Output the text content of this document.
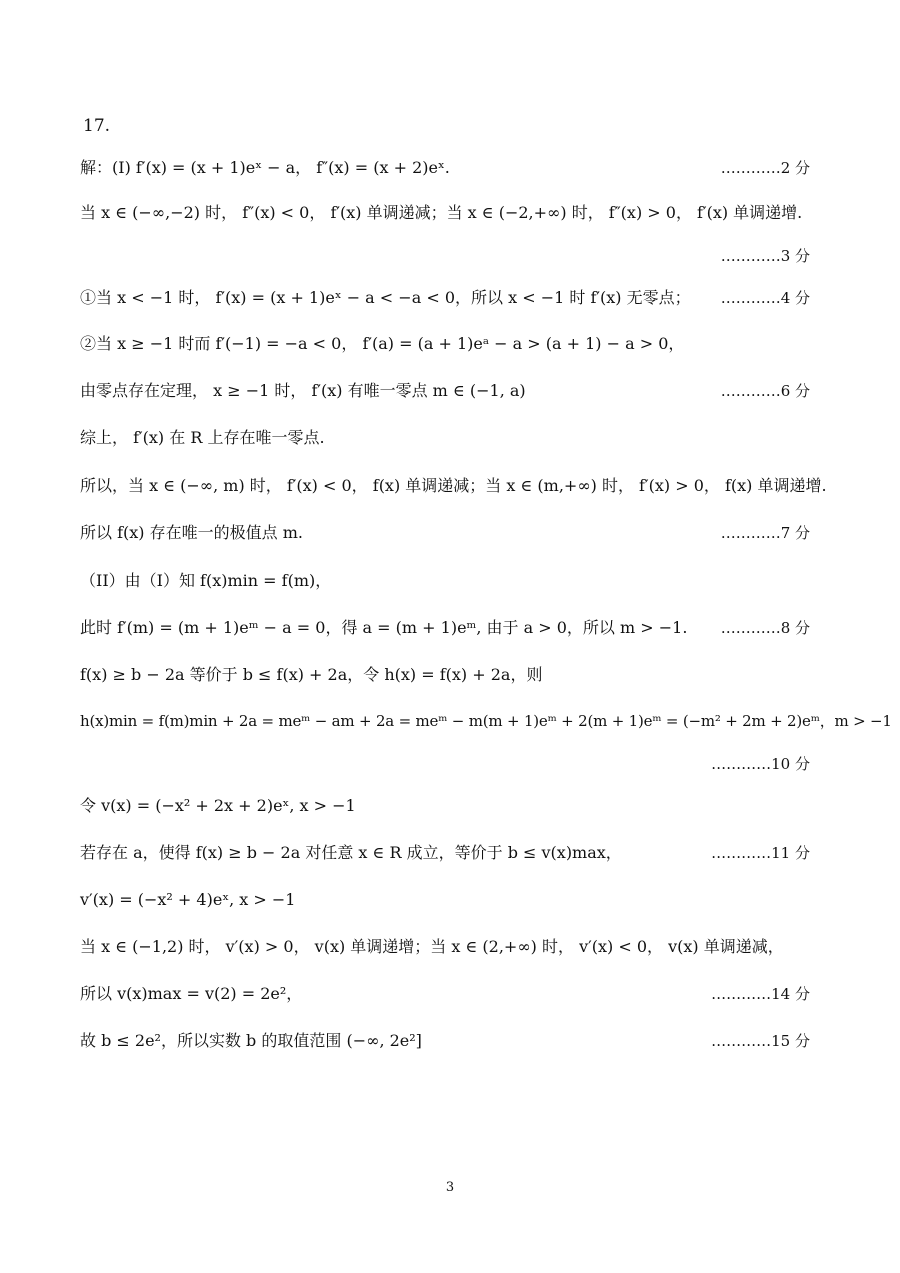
17.
解：(I) f′(x) = (x + 1)eˣ − a， f″(x) = (x + 2)eˣ.	…………2 分
当 x ∈ (−∞,−2) 时， f″(x) < 0， f′(x) 单调递减；当 x ∈ (−2,+∞) 时， f″(x) > 0， f′(x) 单调递增.
…………3 分
①当 x < −1 时， f′(x) = (x + 1)eˣ − a < −a < 0，所以 x < −1 时 f′(x) 无零点； …………4 分
②当 x ≥ −1 时而 f′(−1) = −a < 0， f′(a) = (a + 1)eᵃ − a > (a + 1) − a > 0，
由零点存在定理， x ≥ −1 时， f′(x) 有唯一零点 m ∈ (−1, a)	…………6 分
综上， f′(x) 在 R 上存在唯一零点.
所以，当 x ∈ (−∞, m) 时， f′(x) < 0， f(x) 单调递减；当 x ∈ (m,+∞) 时， f′(x) > 0， f(x) 单调递增.
所以 f(x) 存在唯一的极值点 m.	…………7 分
（II）由（I）知 f(x)min = f(m)，
此时 f′(m) = (m + 1)eᵐ − a = 0，得 a = (m + 1)eᵐ, 由于 a > 0，所以 m > −1. …………8 分
f(x) ≥ b − 2a 等价于 b ≤ f(x) + 2a，令 h(x) = f(x) + 2a，则
h(x)min = f(m)min + 2a = meᵐ − am + 2a = meᵐ − m(m + 1)eᵐ + 2(m + 1)eᵐ = (−m² + 2m + 2)eᵐ，m > −1
…………10 分
令 v(x) = (−x² + 2x + 2)eˣ, x > −1
若存在 a，使得 f(x) ≥ b − 2a 对任意 x ∈ R 成立，等价于 b ≤ v(x)max，	…………11 分
v′(x) = (−x² + 4)eˣ, x > −1
当 x ∈ (−1,2) 时， v′(x) > 0， v(x) 单调递增；当 x ∈ (2,+∞) 时， v′(x) < 0， v(x) 单调递减，
所以 v(x)max = v(2) = 2e²，	…………14 分
故 b ≤ 2e²，所以实数 b 的取值范围 (−∞, 2e²]	…………15 分
3
